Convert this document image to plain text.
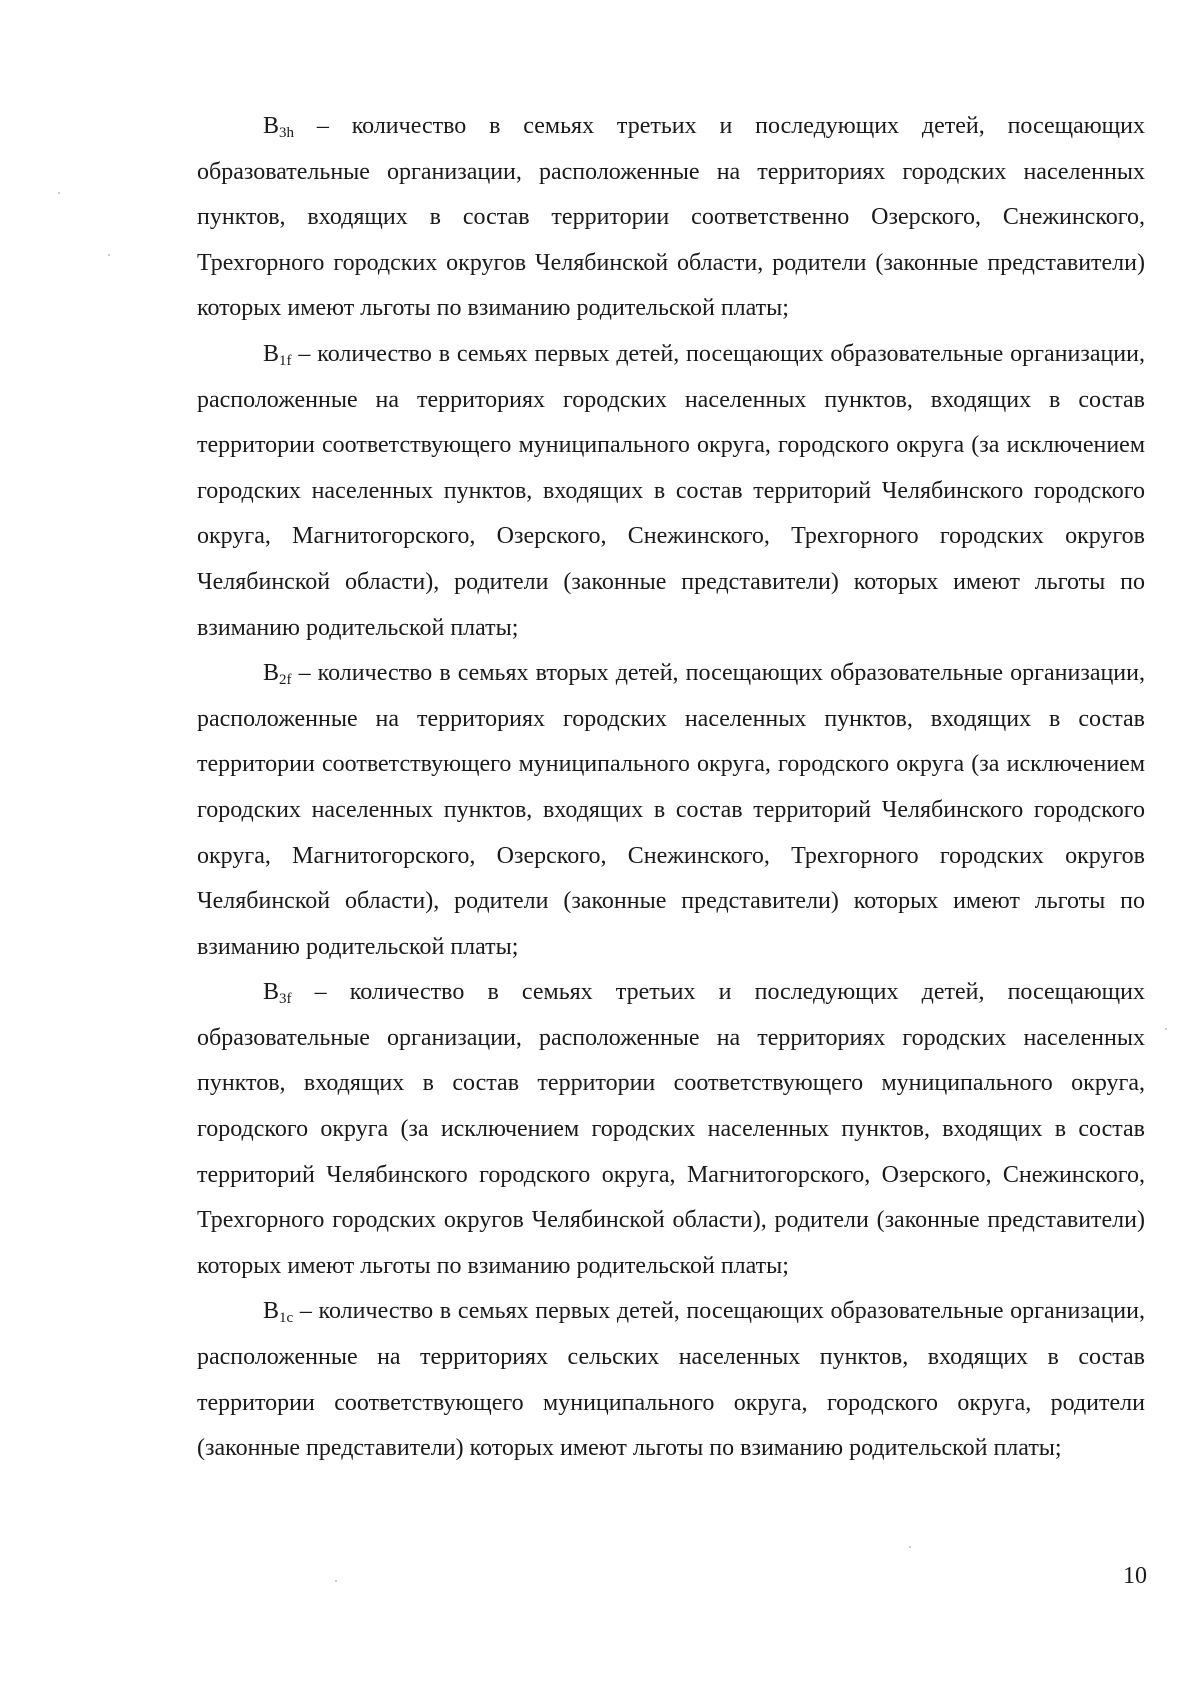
$B_{3h}$ – количество в семьях третьих и последующих детей, посещающих образовательные организации, расположенные на территориях городских населенных пунктов, входящих в состав территории соответственно Озерского, Снежинского, Трехгорного городских округов Челябинской области, родители (законные представители) которых имеют льготы по взиманию родительской платы;

$B_{1f}$ – количество в семьях первых детей, посещающих образовательные организации, расположенные на территориях городских населенных пунктов, входящих в состав территории соответствующего муниципального округа, городского округа (за исключением городских населенных пунктов, входящих в состав территорий Челябинского городского округа, Магнитогорского, Озерского, Снежинского, Трехгорного городских округов Челябинской области), родители (законные представители) которых имеют льготы по взиманию родительской платы;

$B_{2f}$ – количество в семьях вторых детей, посещающих образовательные организации, расположенные на территориях городских населенных пунктов, входящих в состав территории соответствующего муниципального округа, городского округа (за исключением городских населенных пунктов, входящих в состав территорий Челябинского городского округа, Магнитогорского, Озерского, Снежинского, Трехгорного городских округов Челябинской области), родители (законные представители) которых имеют льготы по взиманию родительской платы;

$B_{3f}$ – количество в семьях третьих и последующих детей, посещающих образовательные организации, расположенные на территориях городских населенных пунктов, входящих в состав территории соответствующего муниципального округа, городского округа (за исключением городских населенных пунктов, входящих в состав территорий Челябинского городского округа, Магнитогорского, Озерского, Снежинского, Трехгорного городских округов Челябинской области), родители (законные представители) которых имеют льготы по взиманию родительской платы;

$B_{1c}$ – количество в семьях первых детей, посещающих образовательные организации, расположенные на территориях сельских населенных пунктов, входящих в состав территории соответствующего муниципального округа, городского округа, родители (законные представители) которых имеют льготы по взиманию родительской платы;

10
